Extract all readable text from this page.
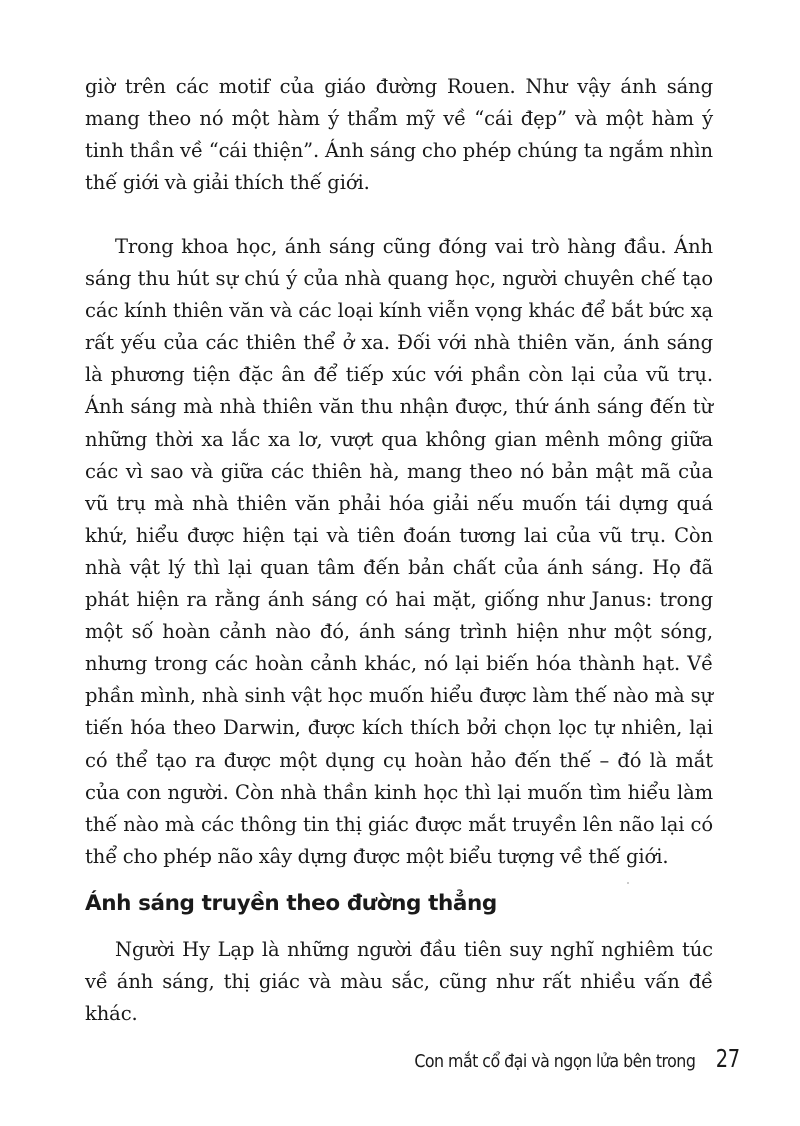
giờ trên các motif của giáo đường Rouen. Như vậy ánh sáng mang theo nó một hàm ý thẩm mỹ về “cái đẹp” và một hàm ý tinh thần về “cái thiện”. Ánh sáng cho phép chúng ta ngắm nhìn thế giới và giải thích thế giới.

Trong khoa học, ánh sáng cũng đóng vai trò hàng đầu. Ánh sáng thu hút sự chú ý của nhà quang học, người chuyên chế tạo các kính thiên văn và các loại kính viễn vọng khác để bắt bức xạ rất yếu của các thiên thể ở xa. Đối với nhà thiên văn, ánh sáng là phương tiện đặc ân để tiếp xúc với phần còn lại của vũ trụ. Ánh sáng mà nhà thiên văn thu nhận được, thứ ánh sáng đến từ những thời xa lắc xa lơ, vượt qua không gian mênh mông giữa các vì sao và giữa các thiên hà, mang theo nó bản mật mã của vũ trụ mà nhà thiên văn phải hóa giải nếu muốn tái dựng quá khứ, hiểu được hiện tại và tiên đoán tương lai của vũ trụ. Còn nhà vật lý thì lại quan tâm đến bản chất của ánh sáng. Họ đã phát hiện ra rằng ánh sáng có hai mặt, giống như Janus: trong một số hoàn cảnh nào đó, ánh sáng trình hiện như một sóng, nhưng trong các hoàn cảnh khác, nó lại biến hóa thành hạt. Về phần mình, nhà sinh vật học muốn hiểu được làm thế nào mà sự tiến hóa theo Darwin, được kích thích bởi chọn lọc tự nhiên, lại có thể tạo ra được một dụng cụ hoàn hảo đến thế – đó là mắt của con người. Còn nhà thần kinh học thì lại muốn tìm hiểu làm thế nào mà các thông tin thị giác được mắt truyền lên não lại có thể cho phép não xây dựng được một biểu tượng về thế giới.

Ánh sáng truyền theo đường thẳng

Người Hy Lạp là những người đầu tiên suy nghĩ nghiêm túc về ánh sáng, thị giác và màu sắc, cũng như rất nhiều vấn đề khác.

Con mắt cổ đại và ngọn lửa bên trong 27
